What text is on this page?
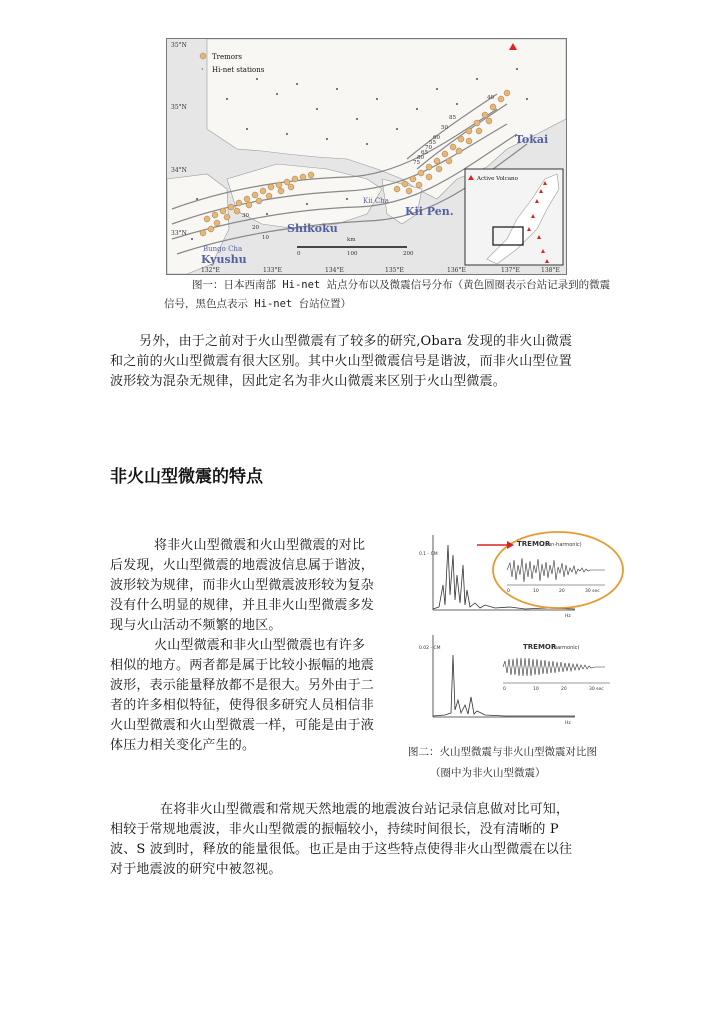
Tremors
· Hi-net stations
35°N
35°N
34°N
33°N
132°E	133°E	134°E	135°E	136°E	137°E	138°E
80
70
60
50
40
30
20
10
55
65
75
85
Tokai
Kii Pen.
Kii Cha
Shikoku
Bungo Cha
Kyushu
km
0	100	200
Active Volcano
图一：日本西南部 Hi-net 站点分布以及微震信号分布（黄色圆圈表示台站记录到的微震
信号，黑色点表示 Hi-net 台站位置）
另外，由于之前对于火山型微震有了较多的研究,Obara 发现的非火山微震
和之前的火山型微震有很大区别。其中火山型微震信号是谐波，而非火山型位置
波形较为混杂无规律，因此定名为非火山微震来区别于火山型微震。
非火山型微震的特点
将非火山型微震和火山型微震的对比
后发现，火山型微震的地震波信息属于谐波，
波形较为规律，而非火山型微震波形较为复杂
没有什么明显的规律，并且非火山型微震多发
现与火山活动不频繁的地区。
火山型微震和非火山型微震也有许多
相似的地方。两者都是属于比较小振幅的地震
波形，表示能量释放都不是很大。另外由于二
者的许多相似特征，使得很多研究人员相信非
火山型微震和火山型微震一样，可能是由于液
体压力相关变化产生的。
0.1 - CM
Hz
TREMOR
(non-harmonic)
0	10	20	30 sec
0.02 - CM
Hz
TREMOR
(harmonic)
0	10	20	30 sec
图二：火山型微震与非火山型微震对比图
（圈中为非火山型微震）
在将非火山型微震和常规天然地震的地震波台站记录信息做对比可知，
相较于常规地震波，非火山型微震的振幅较小，持续时间很长，没有清晰的 P
波、S 波到时，释放的能量很低。也正是由于这些特点使得非火山型微震在以往
对于地震波的研究中被忽视。
